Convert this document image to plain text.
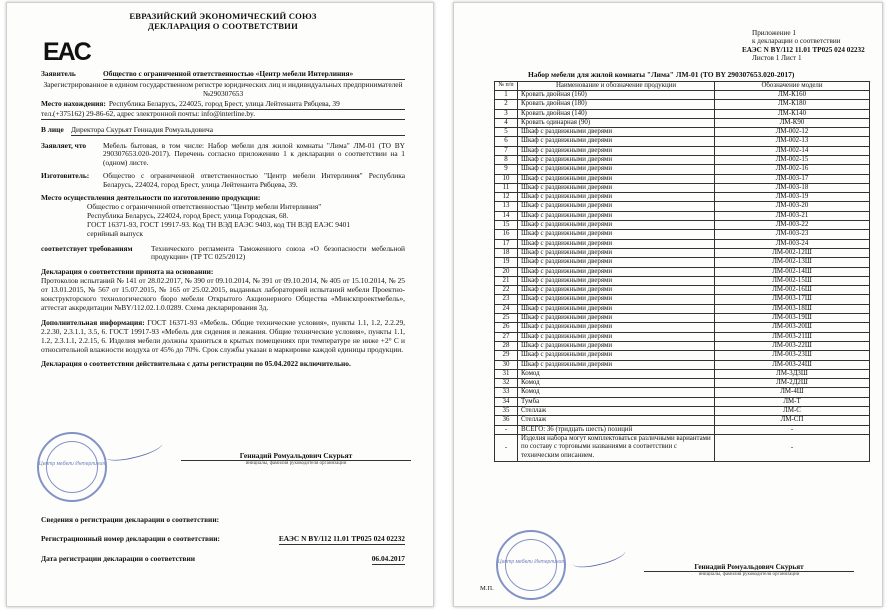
ЕВРАЗИЙСКИЙ ЭКОНОМИЧЕСКИЙ СОЮЗ
ДЕКЛАРАЦИЯ О СООТВЕТСТВИИ
EAC
Заявитель	Общество с ограниченной ответственностью «Центр мебели Интерлиния»
Зарегистрированное в едином государственном регистре юридических лиц и индивидуальных предпринимателей №290307653
Место нахождения: Республика Беларусь, 224025, город Брест, улица Лейтенанта Рябцева, 39
тел.(+375162) 29-86-62, адрес электронной почты: info@interline.by.
В лице Директора Скурьят Геннадия Ромуальдовича
Заявляет, что	Мебель бытовая, в том числе: Набор мебели для жилой комнаты "Лима" ЛМ-01 (ТО BY 290307653.020-2017). Перечень согласно приложению 1 к декларации о соответствии на 1 (одном) листе.
Изготовитель:	Общество с ограниченной ответственностью "Центр мебели Интерлиния" Республика Беларусь, 224024, город Брест, улица Лейтенанта Рябцева, 39.
Место осуществления деятельности по изготовлению продукции:
Общество с ограниченной ответственностью "Центр мебели Интерлиния"
Республика Беларусь, 224024, город Брест, улица Городская, 68.
ГОСТ 16371-93, ГОСТ 19917-93. Код ТН ВЭД ЕАЭС 9403, код ТН ВЭД ЕАЭС 9401
серийный выпуск
соответствует требованиям	Технического регламента Таможенного союза «О безопасности мебельной продукции» (ТР ТС 025/2012)
Декларация о соответствии принята на основании:
Протоколов испытаний № 141 от 28.02.2017, № 390 от 09.10.2014, № 391 от 09.10.2014, № 405 от 15.10.2014, № 25 от 13.01.2015, № 567 от 15.07.2015, № 165 от 25.02.2015, выданных лабораторией испытаний мебели Проектно-конструкторского технологического бюро мебели Открытого Акционерного Общества «Минскпроектмебель», аттестат аккредитации №BY/112.02.1.0.0289. Схема декларирования 3д.
Дополнительная информация: ГОСТ 16371-93 «Мебель. Общие технические условия», пункты 1.1, 1.2, 2.2.29, 2.2.30, 2.3.1.1, 3.5, 6. ГОСТ 19917-93 «Мебель для сидения и лежания. Общие технические условия», пункты 1.1, 1.2, 2.3.1.1, 2.2.15, 6. Изделия мебели должны храниться в крытых помещениях при температуре не ниже +2° С и относительной влажности воздуха от 45% до 70%. Срок службы указан в маркировке каждой единицы продукции.
Декларация о соответствии действительна с даты регистрации по 05.04.2022 включительно.
Центр мебели Интерлиния
Геннадий Ромуальдович Скурьят
инициалы, фамилия руководителя организации
Сведения о регистрации декларации о соответствии:
Регистрационный номер декларации о соответствии:	ЕАЭС N BY/112 11.01 ТР025 024 02232
Дата регистрации декларации о соответствии	06.04.2017
Приложение 1
к декларации о соответствии
ЕАЭС N BY/112 11.01 ТР025 024 02232
Листов 1 Лист 1
Набор мебели для жилой комнаты "Лима" ЛМ-01 (ТО BY 290307653.020-2017)
№ п/п	Наименование и обозначение продукции	Обозначение модели
1	Кровать двойная (160)	ЛМ-К160
2	Кровать двойная (180)	ЛМ-К180
3	Кровать двойная (140)	ЛМ-К140
4	Кровать одинарная (90)	ЛМ-К90
5	Шкаф с раздвижными дверями	ЛМ-002-12
6	Шкаф с раздвижными дверями	ЛМ-002-13
7	Шкаф с раздвижными дверями	ЛМ-002-14
8	Шкаф с раздвижными дверями	ЛМ-002-15
9	Шкаф с раздвижными дверями	ЛМ-002-16
10	Шкаф с раздвижными дверями	ЛМ-003-17
11	Шкаф с раздвижными дверями	ЛМ-003-18
12	Шкаф с раздвижными дверями	ЛМ-003-19
13	Шкаф с раздвижными дверями	ЛМ-003-20
14	Шкаф с раздвижными дверями	ЛМ-003-21
15	Шкаф с раздвижными дверями	ЛМ-003-22
16	Шкаф с раздвижными дверями	ЛМ-003-23
17	Шкаф с раздвижными дверями	ЛМ-003-24
18	Шкаф с раздвижными дверями	ЛМ-002-12Ш
19	Шкаф с раздвижными дверями	ЛМ-002-13Ш
20	Шкаф с раздвижными дверями	ЛМ-002-14Ш
21	Шкаф с раздвижными дверями	ЛМ-002-15Ш
22	Шкаф с раздвижными дверями	ЛМ-002-16Ш
23	Шкаф с раздвижными дверями	ЛМ-003-17Ш
24	Шкаф с раздвижными дверями	ЛМ-003-18Ш
25	Шкаф с раздвижными дверями	ЛМ-003-19Ш
26	Шкаф с раздвижными дверями	ЛМ-003-20Ш
27	Шкаф с раздвижными дверями	ЛМ-003-21Ш
28	Шкаф с раздвижными дверями	ЛМ-003-22Ш
29	Шкаф с раздвижными дверями	ЛМ-003-23Ш
30	Шкаф с раздвижными дверями	ЛМ-003-24Ш
31	Комод	ЛМ-3Д3Ш
32	Комод	ЛМ-2Д2Ш
33	Комод	ЛМ-4Ш
34	Тумба	ЛМ-Т
35	Стеллаж	ЛМ-С
36	Стеллаж	ЛМ-СП
-	ВСЕГО: 36 (тридцать шесть) позиций	-
-	Изделия набора могут комплектоваться различными вариантами по составу с торговыми названиями в соответствии с техническим описанием.	-
Центр мебели Интерлиния
М.П.
Геннадий Ромуальдович Скурьят
инициалы, фамилия руководителя организации
